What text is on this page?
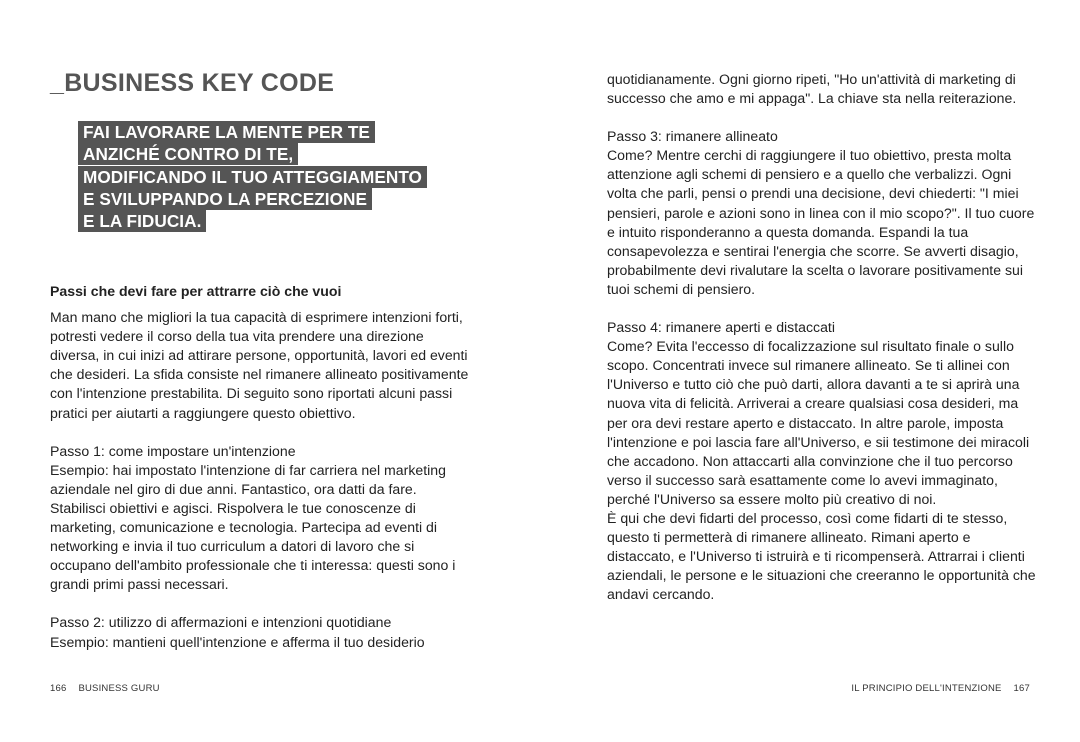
_BUSINESS KEY CODE
FAI LAVORARE LA MENTE PER TE
ANZICHÉ CONTRO DI TE,
MODIFICANDO IL TUO ATTEGGIAMENTO
E SVILUPPANDO LA PERCEZIONE
E LA FIDUCIA.

Passi che devi fare per attrarre ciò che vuoi

Man mano che migliori la tua capacità di esprimere intenzioni forti, potresti vedere il corso della tua vita prendere una direzione diversa, in cui inizi ad attirare persone, opportunità, lavori ed eventi che desideri. La sfida consiste nel rimanere allineato positivamente con l'intenzione prestabilita. Di seguito sono riportati alcuni passi pratici per aiutarti a raggiungere questo obiettivo.

Passo 1: come impostare un'intenzione

Esempio: hai impostato l'intenzione di far carriera nel marketing aziendale nel giro di due anni. Fantastico, ora datti da fare. Stabilisci obiettivi e agisci. Rispolvera le tue conoscenze di marketing, comunicazione e tecnologia. Partecipa ad eventi di networking e invia il tuo curriculum a datori di lavoro che si occupano dell'ambito professionale che ti interessa: questi sono i grandi primi passi necessari.

Passo 2: utilizzo di affermazioni e intenzioni quotidiane

Esempio: mantieni quell'intenzione e afferma il tuo desiderio

166 BUSINESS GURU

quotidianamente. Ogni giorno ripeti, "Ho un'attività di marketing di successo che amo e mi appaga". La chiave sta nella reiterazione.

Passo 3: rimanere allineato

Come? Mentre cerchi di raggiungere il tuo obiettivo, presta molta attenzione agli schemi di pensiero e a quello che verbalizzi. Ogni volta che parli, pensi o prendi una decisione, devi chiederti: "I miei pensieri, parole e azioni sono in linea con il mio scopo?". Il tuo cuore e intuito risponderanno a questa domanda. Espandi la tua consapevolezza e sentirai l'energia che scorre. Se avverti disagio, probabilmente devi rivalutare la scelta o lavorare positivamente sui tuoi schemi di pensiero.

Passo 4: rimanere aperti e distaccati

Come? Evita l'eccesso di focalizzazione sul risultato finale o sullo scopo. Concentrati invece sul rimanere allineato. Se ti allinei con l'Universo e tutto ciò che può darti, allora davanti a te si aprirà una nuova vita di felicità. Arriverai a creare qualsiasi cosa desideri, ma per ora devi restare aperto e distaccato. In altre parole, imposta l'intenzione e poi lascia fare all'Universo, e sii testimone dei miracoli che accadono. Non attaccarti alla convinzione che il tuo percorso verso il successo sarà esattamente come lo avevi immaginato, perché l'Universo sa essere molto più creativo di noi.

È qui che devi fidarti del processo, così come fidarti di te stesso, questo ti permetterà di rimanere allineato. Rimani aperto e distaccato, e l'Universo ti istruirà e ti ricompenserà. Attrarrai i clienti aziendali, le persone e le situazioni che creeranno le opportunità che andavi cercando.

IL PRINCIPIO DELL'INTENZIONE 167
